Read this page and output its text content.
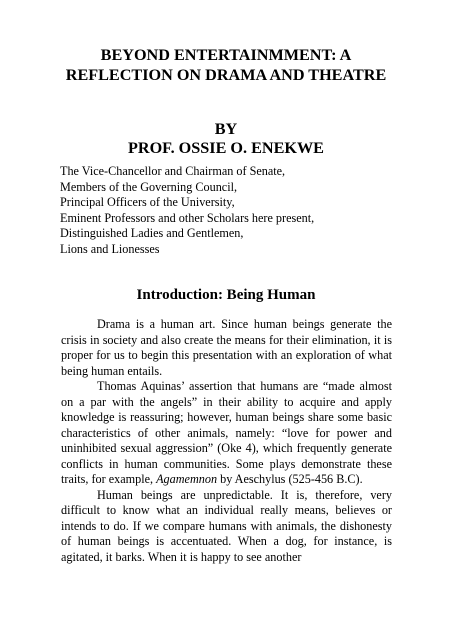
BEYOND ENTERTAINMMENT: A
REFLECTION ON DRAMA AND THEATRE
BY
PROF. OSSIE O. ENEKWE
The Vice-Chancellor and Chairman of Senate,
Members of the Governing Council,
Principal Officers of the University,
Eminent Professors and other Scholars here present,
Distinguished Ladies and Gentlemen,
Lions and Lionesses
Introduction: Being Human

Drama is a human art. Since human beings generate the crisis in society and also create the means for their elimination, it is proper for us to begin this presentation with an exploration of what being human entails.

Thomas Aquinas’ assertion that humans are “made almost on a par with the angels” in their ability to acquire and apply knowledge is reassuring; however, human beings share some basic characteristics of other animals, namely: “love for power and uninhibited sexual aggression” (Oke 4), which frequently generate conflicts in human communities. Some plays demonstrate these traits, for example, Agamemnon by Aeschylus (525-456 B.C).

Human beings are unpredictable. It is, therefore, very difficult to know what an individual really means, believes or intends to do. If we compare humans with animals, the dishonesty of human beings is accentuated. When a dog, for instance, is agitated, it barks. When it is happy to see another
